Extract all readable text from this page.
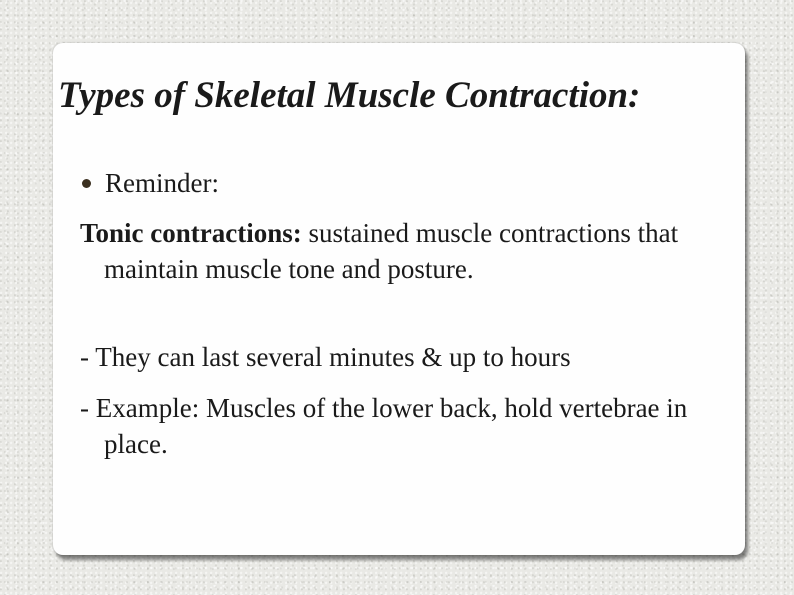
Types of Skeletal Muscle Contraction:
Reminder:
Tonic contractions: sustained muscle contractions that maintain muscle tone and posture.
- They can last several minutes & up to hours
- Example: Muscles of the lower back, hold vertebrae in place.
